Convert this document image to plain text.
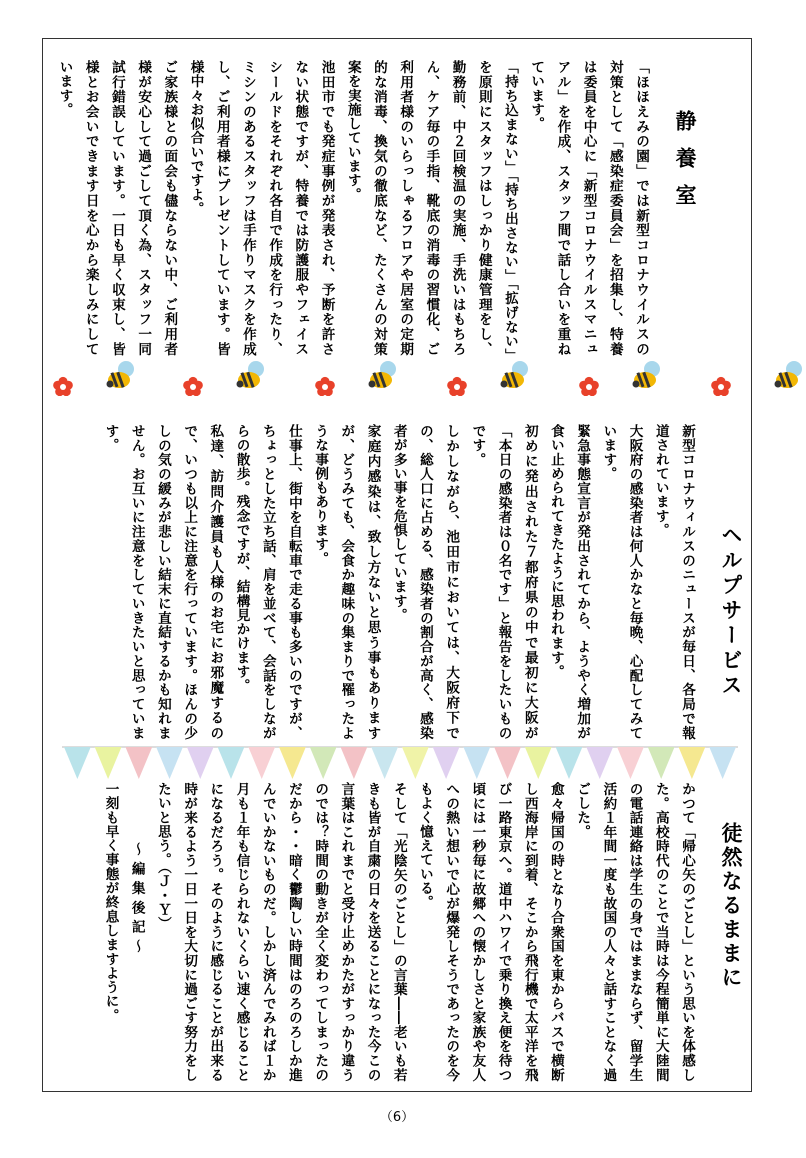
静養室

「ほほえみの園」では新型コロナウイルスの対策として「感染症委員会」を招集し、特養は委員を中心に「新型コロナウイルスマニュアル」を作成、スタッフ間で話し合いを重ねています。

「持ち込まない」「持ち出さない」「拡げない」を原則にスタッフはしっかり健康管理をし、勤務前、中２回検温の実施、手洗いはもちろん、ケア毎の手指、靴底の消毒の習慣化、ご利用者様のいらっしゃるフロアや居室の定期的な消毒、換気の徹底など、たくさんの対策案を実施しています。

池田市でも発症事例が発表され、予断を許さない状態ですが、特養では防護服やフェイスシールドをそれぞれ各自で作成を行ったり、ミシンのあるスタッフは手作りマスクを作成し、ご利用者様にプレゼントしています。皆様中々お似合いですよ。

ご家族様との面会も儘ならない中、ご利用者様が安心して過ごして頂く為、スタッフ一同試行錯誤しています。一日も早く収束し、皆様とお会いできます日を心から楽しみにしています。

ヘルプサービス

新型コロナウィルスのニュースが毎日、各局で報道されています。

大阪府の感染者は何人かなと毎晩、心配してみています。

緊急事態宣言が発出されてから、ようやく増加が食い止められてきたように思われます。

初めに発出された７都府県の中で最初に大阪が「本日の感染者は０名です」と報告をしたいものです。

しかしながら、池田市においては、大阪府下での、総人口に占める、感染者の割合が高く、感染者が多い事を危惧しています。

家庭内感染は、致し方ないと思う事もありますが、どうみても、会食か趣味の集まりで罹ったような事例もあります。

仕事上、街中を自転車で走る事も多いのですが、ちょっとした立ち話、肩を並べて、会話をしながらの散歩。残念ですが、結構見かけます。

私達、訪問介護員も人様のお宅にお邪魔するので、いつも以上に注意を行っています。ほんの少しの気の緩みが悲しい結末に直結するかも知れません。お互いに注意をしていきたいと思っています。

徒然なるままに

かつて「帰心矢のごとし」という思いを体感した。高校時代のことで当時は今程簡単に大陸間の電話連絡は学生の身ではままならず、留学生活約１年間一度も故国の人々と話すことなく過ごした。

愈々帰国の時となり合衆国を東からバスで横断し西海岸に到着、そこから飛行機で太平洋を飛び一路東京へ。道中ハワイで乗り換え便を待つ頃には一秒毎に故郷への懐かしさと家族や友人への熱い想いで心が爆発しそうであったのを今もよく憶えている。

そして「光陰矢のごとし」の言葉――老いも若きも皆が自粛の日々を送ることになった今この言葉はこれまでと受け止めかたがすっかり違うのでは？時間の動きが全く変わってしまったのだから・・暗く鬱陶しい時間はのろのろしか進んでいかないものだ。しかし済んでみれば１か月も１年も信じられないくらい速く感じることになるだろう。そのように感じることが出来る時が来るよう一日一日を大切に過ごす努力をしたいと思う。（Ｊ・Ｙ）

～ 編 集 後 記 ～

一刻も早く事態が終息しますように。

（6）
